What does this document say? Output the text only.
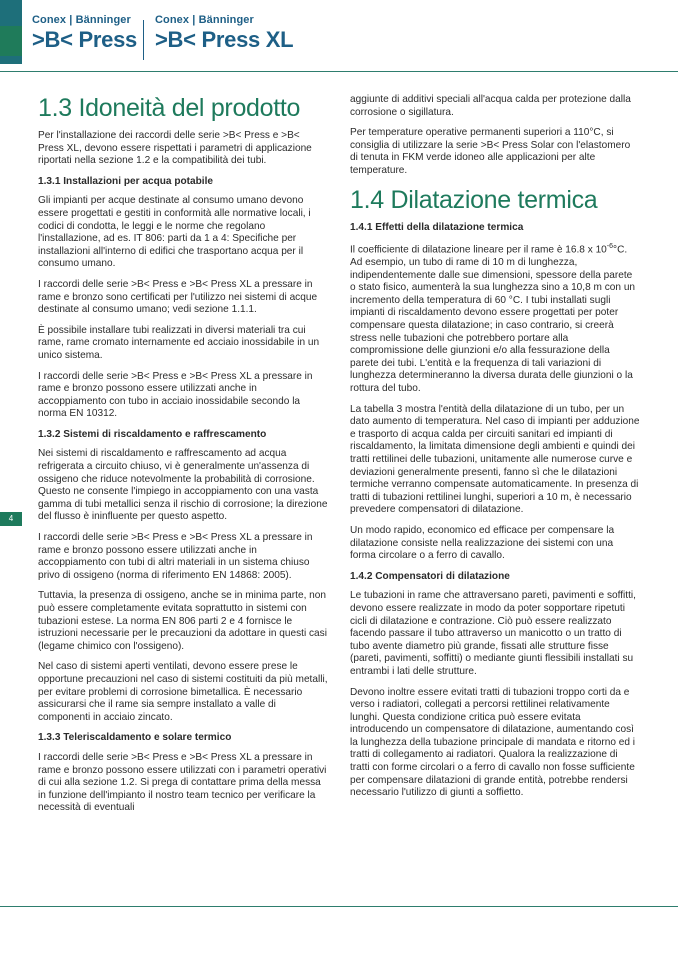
Conex | Bänninger
>B< Press
Conex | Bänninger
>B< Press XL
1.3 Idoneità del prodotto

Per l'installazione dei raccordi delle serie >B< Press e >B< Press XL, devono essere rispettati i parametri di applicazione riportati nella sezione 1.2 e la compatibilità dei tubi.

1.3.1 Installazioni per acqua potabile

Gli impianti per acque destinate al consumo umano devono essere progettati e gestiti in conformità alle normative locali, i codici di condotta, le leggi e le norme che regolano l'installazione, ad es. IT 806: parti da 1 a 4: Specifiche per installazioni all'interno di edifici che trasportano acqua per il consumo umano.

I raccordi delle serie >B< Press e >B< Press XL a pressare in rame e bronzo sono certificati per l'utilizzo nei sistemi di acque destinate al consumo umano; vedi sezione 1.1.1.

È possibile installare tubi realizzati in diversi materiali tra cui rame, rame cromato internamente ed acciaio inossidabile in un unico sistema.

I raccordi delle serie >B< Press e >B< Press XL a pressare in rame e bronzo possono essere utilizzati anche in accoppiamento con tubo in acciaio inossidabile secondo la norma EN 10312.

1.3.2 Sistemi di riscaldamento e raffrescamento

Nei sistemi di riscaldamento e raffrescamento ad acqua refrigerata a circuito chiuso, vi è generalmente un'assenza di ossigeno che riduce notevolmente la probabilità di corrosione. Questo ne consente l'impiego in accoppiamento con una vasta gamma di tubi metallici senza il rischio di corrosione; la direzione del flusso è ininfluente per questo aspetto.

I raccordi delle serie >B< Press e >B< Press XL a pressare in rame e bronzo possono essere utilizzati anche in accoppiamento con tubi di altri materiali in un sistema chiuso privo di ossigeno (norma di riferimento EN 14868: 2005).

Tuttavia, la presenza di ossigeno, anche se in minima parte, non può essere completamente evitata soprattutto in sistemi con tubazioni estese. La norma EN 806 parti 2 e 4 fornisce le istruzioni necessarie per le precauzioni da adottare in questi casi (legame chimico con l'ossigeno).

Nel caso di sistemi aperti ventilati, devono essere prese le opportune precauzioni nel caso di sistemi costituiti da più metalli, per evitare problemi di corrosione bimetallica. È necessario assicurarsi che il rame sia sempre installato a valle di componenti in acciaio zincato.

1.3.3 Teleriscaldamento e solare termico

I raccordi delle serie >B< Press e >B< Press XL a pressare in rame e bronzo possono essere utilizzati con i parametri operativi di cui alla sezione 1.2. Si prega di contattare prima della messa in funzione dell'impianto il nostro team tecnico per verificare la necessità di eventuali

aggiunte di additivi speciali all'acqua calda per protezione dalla corrosione o sigillatura.

Per temperature operative permanenti superiori a 110°C, si consiglia di utilizzare la serie >B< Press Solar con l'elastomero di tenuta in FKM verde idoneo alle applicazioni per alte temperature.

1.4 Dilatazione termica
1.4.1 Effetti della dilatazione termica

Il coefficiente di dilatazione lineare per il rame è 16.8 x $10^{-6}^\circ C$. Ad esempio, un tubo di rame di 10 m di lunghezza, indipendentemente dalle sue dimensioni, spessore della parete o stato fisico, aumenterà la sua lunghezza sino a 10,8 m con un incremento della temperatura di 60 °C. I tubi installati sugli impianti di riscaldamento devono essere progettati per poter compensare questa dilatazione; in caso contrario, si creerà stress nelle tubazioni che potrebbero portare alla compromissione delle giunzioni e/o alla fessurazione della parete dei tubi. L'entità e la frequenza di tali variazioni di lunghezza determineranno la diversa durata delle giunzioni o la rottura del tubo.

La tabella 3 mostra l'entità della dilatazione di un tubo, per un dato aumento di temperatura. Nel caso di impianti per adduzione e trasporto di acqua calda per circuiti sanitari ed impianti di riscaldamento, la limitata dimensione degli ambienti e quindi dei tratti rettilinei delle tubazioni, unitamente alle numerose curve e deviazioni generalmente presenti, fanno sì che le dilatazioni termiche verranno compensate automaticamente. In presenza di tratti di tubazioni rettilinei lunghi, superiori a 10 m, è necessario prevedere compensatori di dilatazione.

Un modo rapido, economico ed efficace per compensare la dilatazione consiste nella realizzazione dei sistemi con una forma circolare o a ferro di cavallo.

1.4.2 Compensatori di dilatazione

Le tubazioni in rame che attraversano pareti, pavimenti e soffitti, devono essere realizzate in modo da poter sopportare ripetuti cicli di dilatazione e contrazione. Ciò può essere realizzato facendo passare il tubo attraverso un manicotto o un tratto di tubo avente diametro più grande, fissati alle strutture fisse (pareti, pavimenti, soffitti) o mediante giunti flessibili installati su entrambi i lati delle strutture.

Devono inoltre essere evitati tratti di tubazioni troppo corti da e verso i radiatori, collegati a percorsi rettilinei relativamente lunghi. Questa condizione critica può essere evitata introducendo un compensatore di dilatazione, aumentando così la lunghezza della tubazione principale di mandata e ritorno ed i tratti di collegamento ai radiatori. Qualora la realizzazione di tratti con forme circolari o a ferro di cavallo non fosse sufficiente per compensare dilatazioni di grande entità, potrebbe rendersi necessario l'utilizzo di giunti a soffietto.

4
